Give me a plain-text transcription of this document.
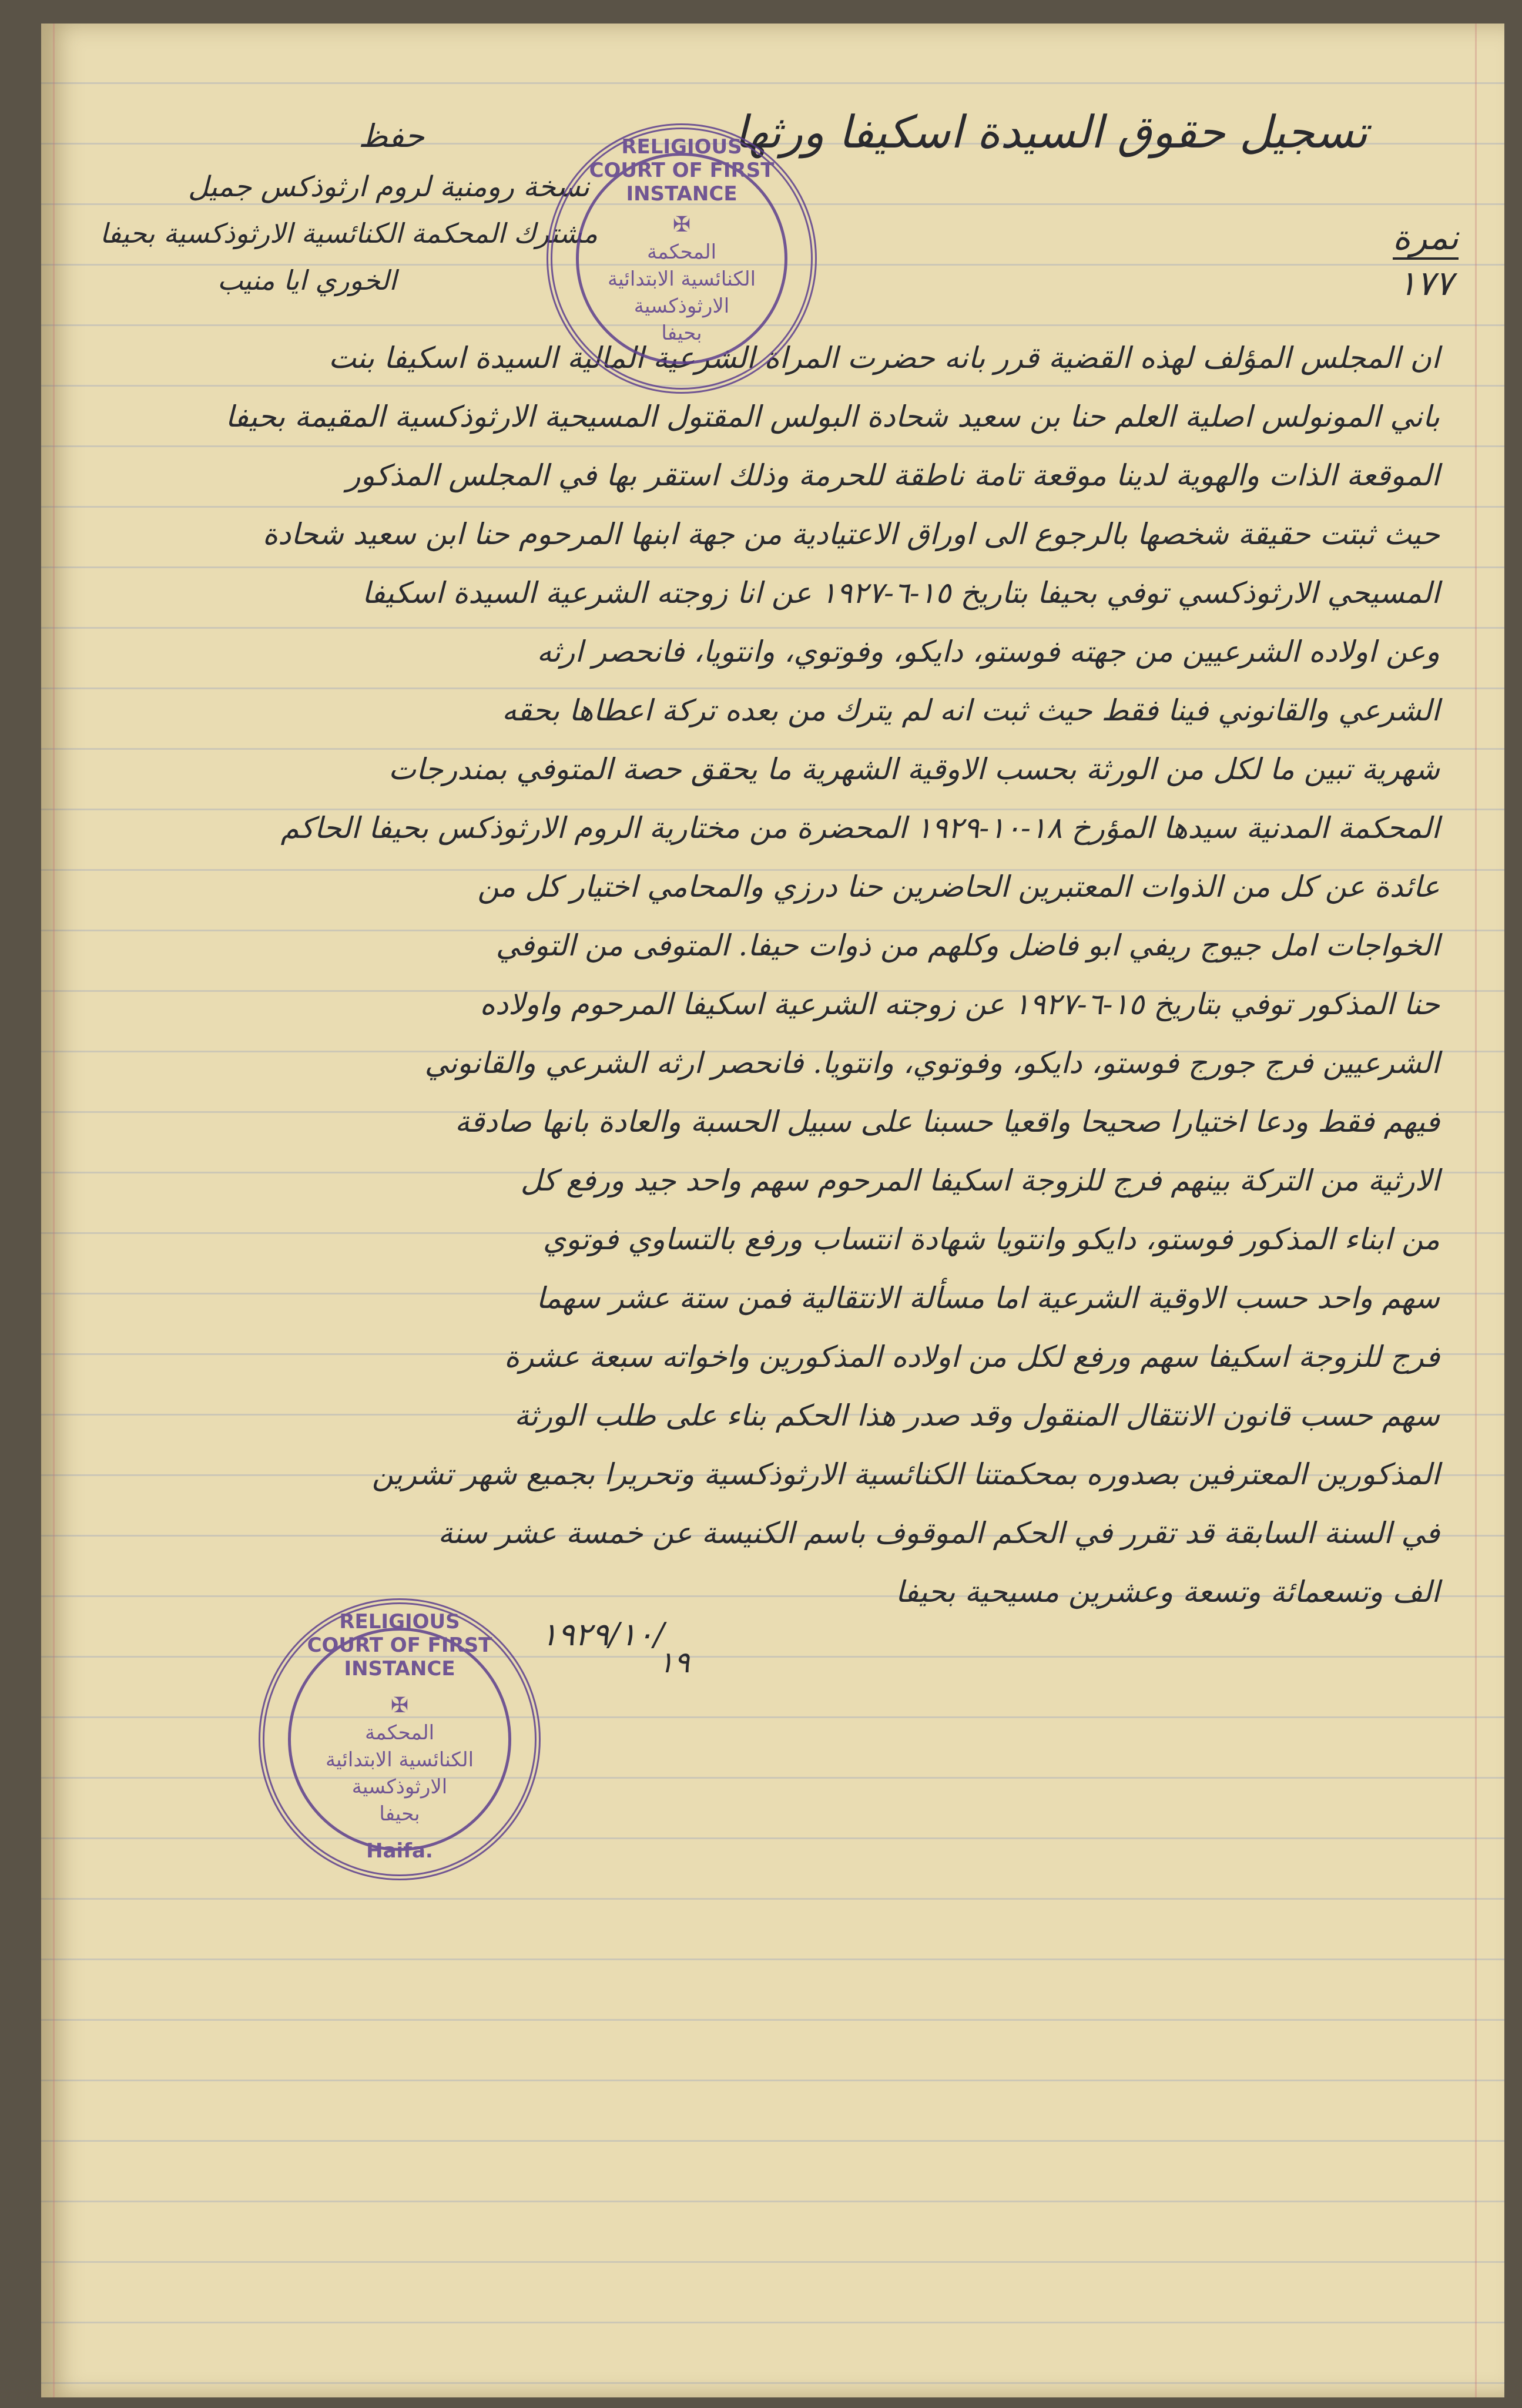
تسجيل حقوق السيدة اسكيفا ورثها
حفظ
نسخة رومنية لروم ارثوذكس جميل
مشترك المحكمة الكنائسية الارثوذكسية بحيفا
الخوري ايا منيب
نمرة
١٧٧
ان المجلس المؤلف لهذه القضية قرر بانه حضرت المراة الشرعية المالية السيدة اسكيفا بنت
باني المونولس اصلية العلم حنا بن سعيد شحادة البولس المقتول المسيحية الارثوذكسية المقيمة بحيفا
الموقعة الذات والهوية لدينا موقعة تامة ناطقة للحرمة وذلك استقر بها في المجلس المذكور
حيث ثبتت حقيقة شخصها بالرجوع الى اوراق الاعتيادية من جهة ابنها المرحوم حنا ابن سعيد شحادة
المسيحي الارثوذكسي توفي بحيفا بتاريخ ١٥-٦-١٩٢٧ عن انا زوجته الشرعية السيدة اسكيفا
وعن اولاده الشرعيين من جهته فوستو، دايكو، وفوتوي، وانتويا، فانحصر ارثه
الشرعي والقانوني فينا فقط حيث ثبت انه لم يترك من بعده تركة اعطاها بحقه
شهرية تبين ما لكل من الورثة بحسب الاوقية الشهرية ما يحقق حصة المتوفي بمندرجات
المحكمة المدنية سيدها المؤرخ ١٨-١٠-١٩٢٩ المحضرة من مختارية الروم الارثوذكس بحيفا الحاكم
عائدة عن كل من الذوات المعتبرين الحاضرين حنا درزي والمحامي اختيار كل من
الخواجات امل جيوج ريفي ابو فاضل وكلهم من ذوات حيفا. المتوفى من التوفي
حنا المذكور توفي بتاريخ ١٥-٦-١٩٢٧ عن زوجته الشرعية اسكيفا المرحوم واولاده
الشرعيين فرج جورج فوستو، دايكو، وفوتوي، وانتويا. فانحصر ارثه الشرعي والقانوني
فيهم فقط ودعا اختيارا صحيحا واقعيا حسبنا على سبيل الحسبة والعادة بانها صادقة
الارثية من التركة بينهم فرج للزوجة اسكيفا المرحوم سهم واحد جيد ورفع كل
من ابناء المذكور فوستو، دايكو وانتويا شهادة انتساب ورفع بالتساوي فوتوي
سهم واحد حسب الاوقية الشرعية اما مسألة الانتقالية فمن ستة عشر سهما
فرج للزوجة اسكيفا سهم ورفع لكل من اولاده المذكورين واخواته سبعة عشرة
سهم حسب قانون الانتقال المنقول وقد صدر هذا الحكم بناء على طلب الورثة
المذكورين المعترفين بصدوره بمحكمتنا الكنائسية الارثوذكسية وتحريرا بجميع شهر تشرين
في السنة السابقة قد تقرر في الحكم الموقوف باسم الكنيسة عن خمسة عشر سنة
الف وتسعمائة وتسعة وعشرين مسيحية بحيفا
١٩٢٩/١٠/
١٩
RELIGIOUS COURT OF FIRST INSTANCE
✠
المحكمة
الكنائسية الابتدائية
الارثوذكسية
بحيفا
RELIGIOUS COURT OF FIRST INSTANCE
✠
المحكمة
الكنائسية الابتدائية
الارثوذكسية
بحيفا
Haifa.
